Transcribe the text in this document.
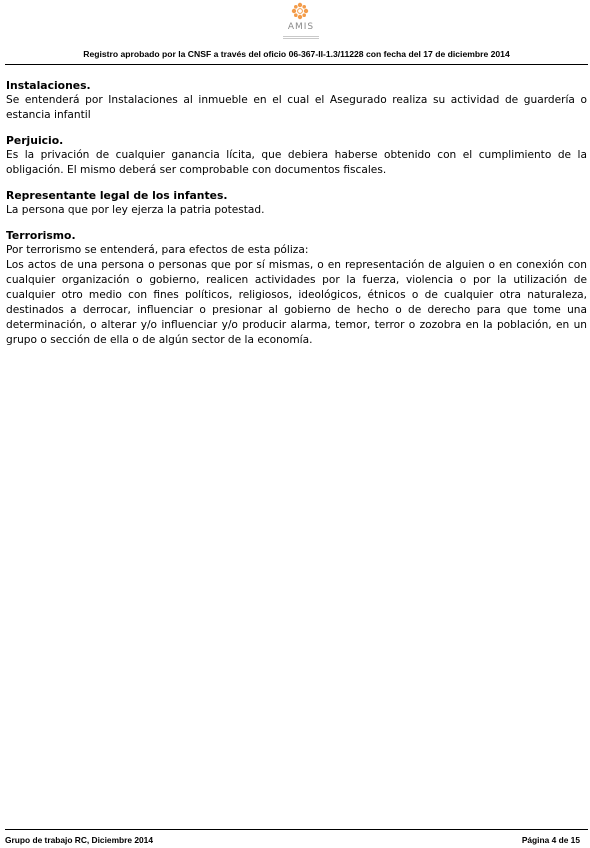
AMIS
Registro aprobado por la CNSF a través del oficio 06-367-II-1.3/11228 con fecha del 17 de diciembre 2014
Instalaciones.

Se entenderá por Instalaciones al inmueble en el cual el Asegurado realiza su actividad de guardería o estancia infantil

Perjuicio.

Es la privación de cualquier ganancia lícita, que debiera haberse obtenido con el cumplimiento de la obligación. El mismo deberá ser comprobable con documentos fiscales.

Representante legal de los infantes.

La persona que por ley ejerza la patria potestad.

Terrorismo.

Por terrorismo se entenderá, para efectos de esta póliza:

Los actos de una persona o personas que por sí mismas, o en representación de alguien o en conexión con cualquier organización o gobierno, realicen actividades por la fuerza, violencia o por la utilización de cualquier otro medio con fines políticos, religiosos, ideológicos, étnicos o de cualquier otra naturaleza, destinados a derrocar, influenciar o presionar al gobierno de hecho o de derecho para que tome una determinación, o alterar y/o influenciar y/o producir alarma, temor, terror o zozobra en la población, en un grupo o sección de ella o de algún sector de la economía.

Grupo de trabajo RC, Diciembre 2014	Página 4 de 15
